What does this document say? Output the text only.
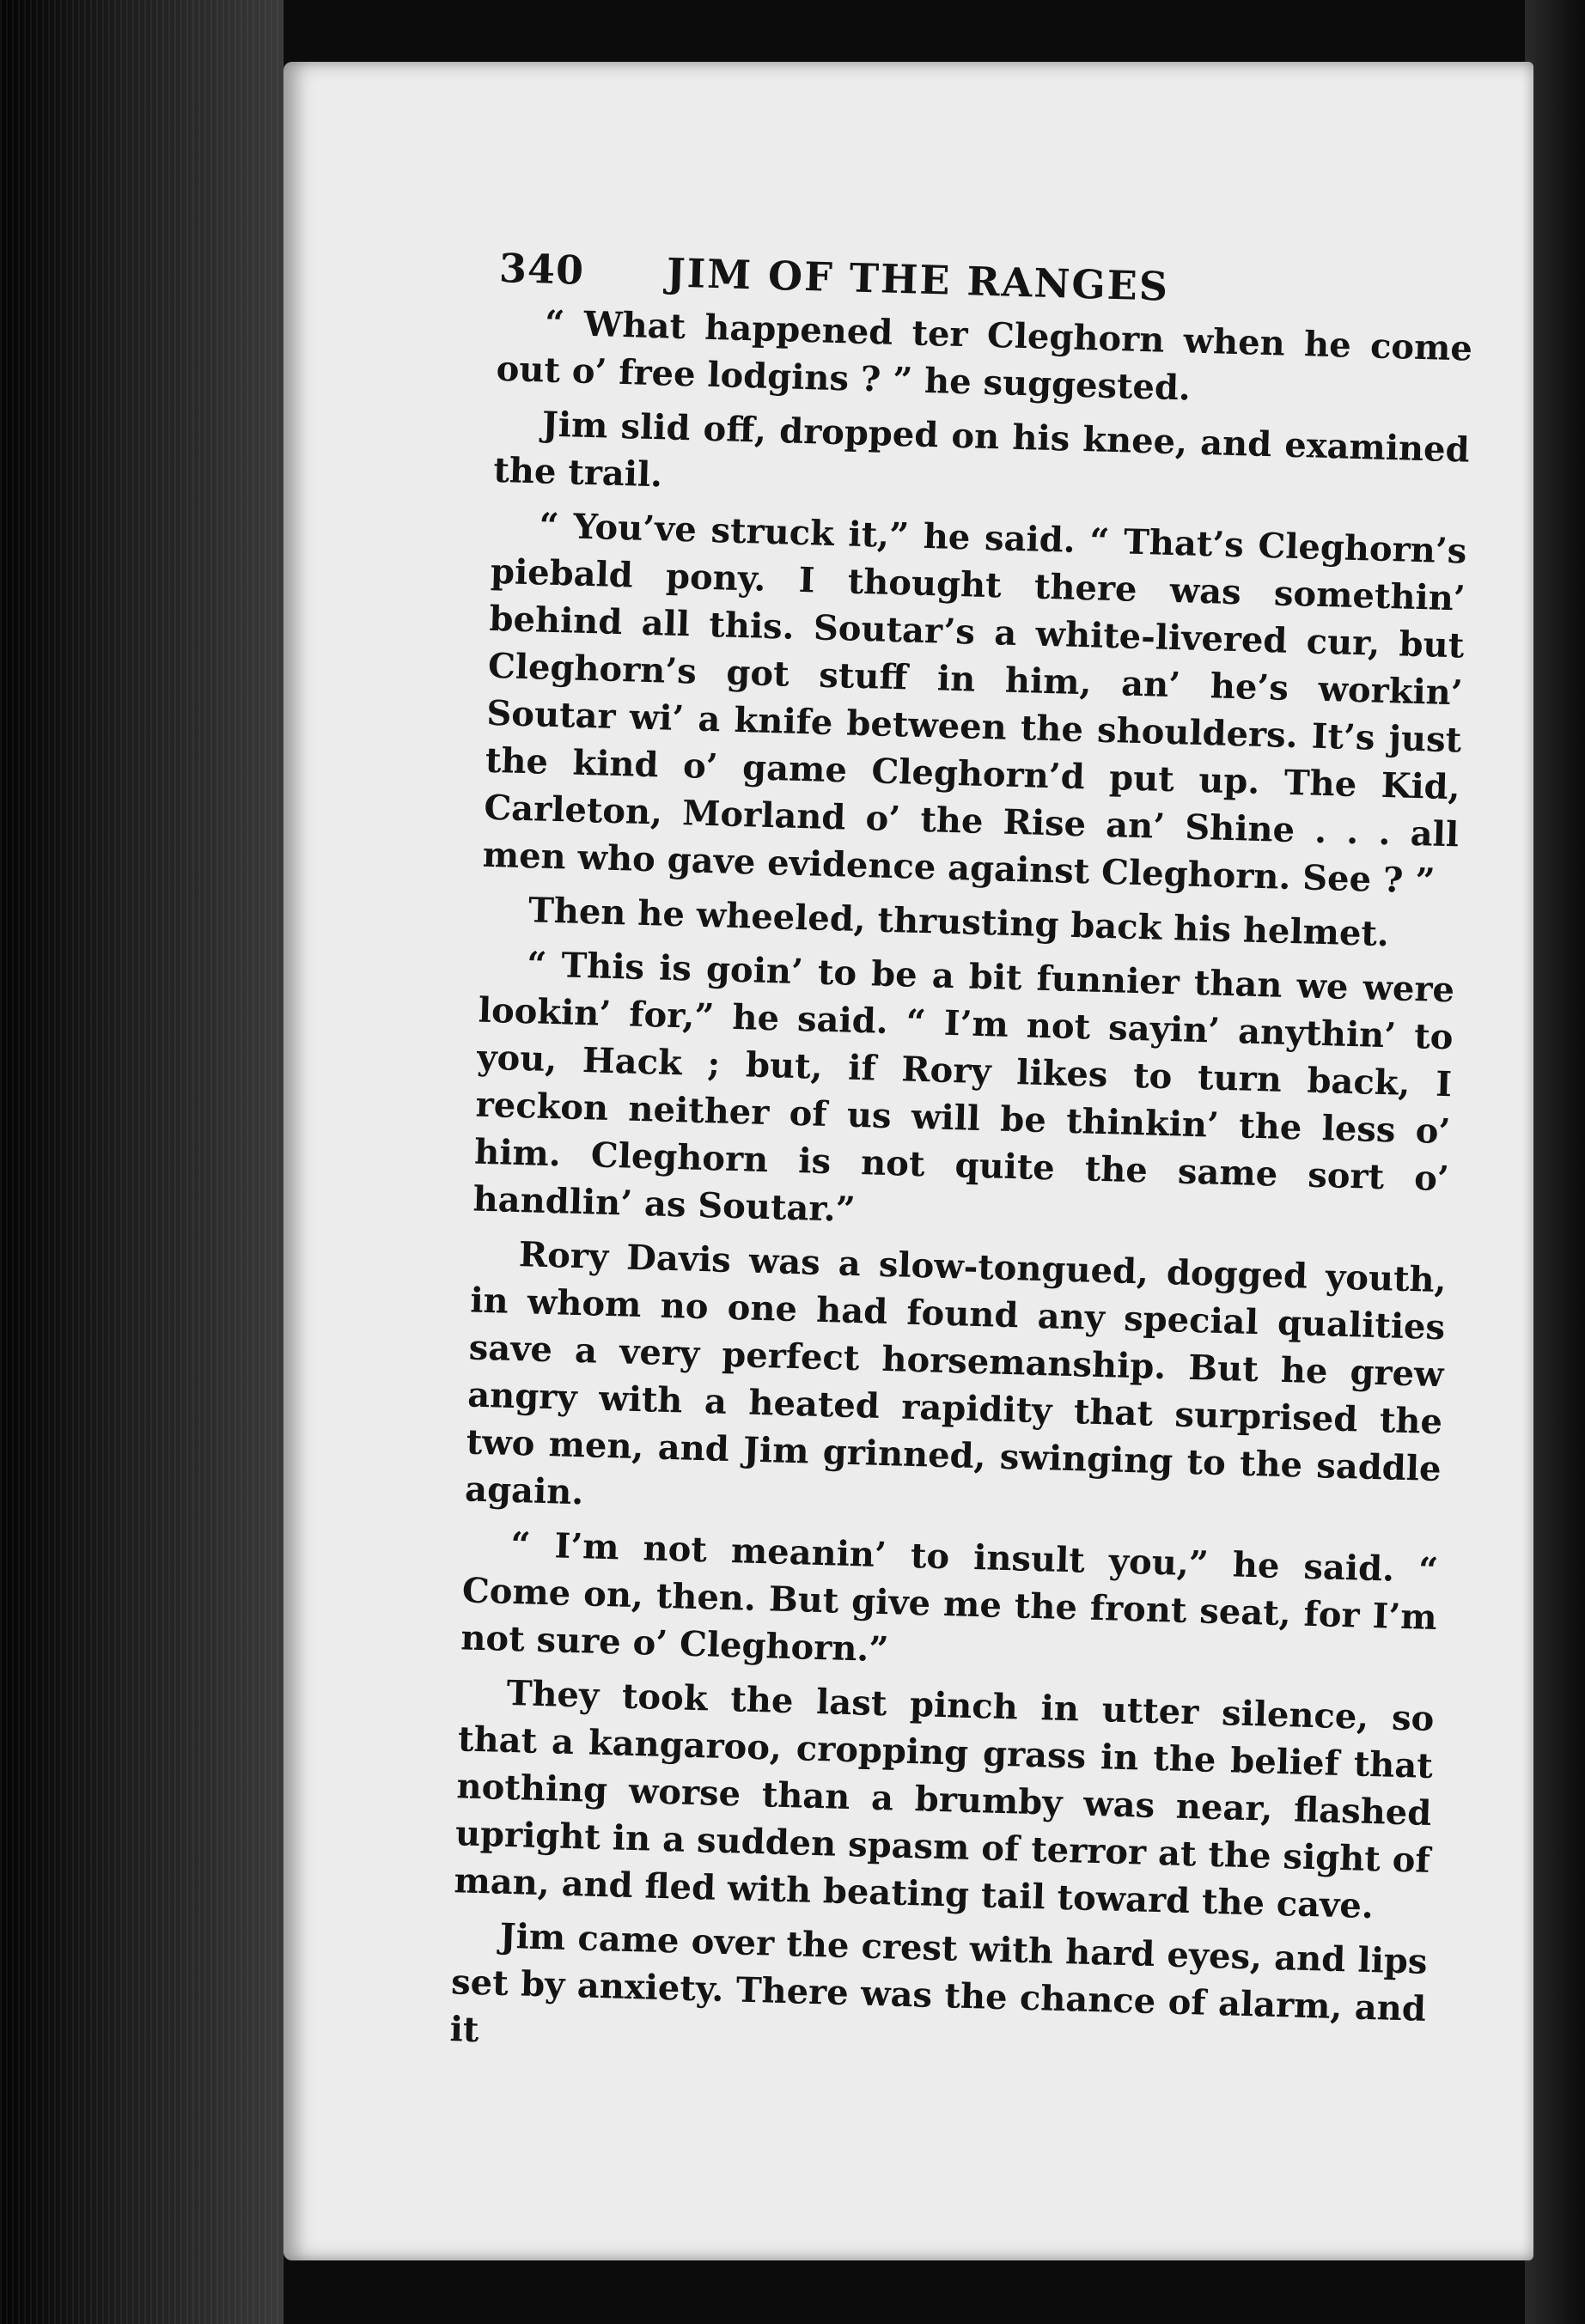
340 JIM OF THE RANGES

“ What happened ter Cleghorn when he come out o’ free lodgins ? ” he suggested.

Jim slid off, dropped on his knee, and examined the trail.

“ You’ve struck it,” he said. “ That’s Cleghorn’s piebald pony. I thought there was somethin’ behind all this. Soutar’s a white-livered cur, but Cleghorn’s got stuff in him, an’ he’s workin’ Soutar wi’ a knife between the shoulders. It’s just the kind o’ game Cleghorn’d put up. The Kid, Carleton, Morland o’ the Rise an’ Shine . . . all men who gave evidence against Cleghorn. See ? ”

Then he wheeled, thrusting back his helmet.

“ This is goin’ to be a bit funnier than we were lookin’ for,” he said. “ I’m not sayin’ anythin’ to you, Hack ; but, if Rory likes to turn back, I reckon neither of us will be thinkin’ the less o’ him. Cleghorn is not quite the same sort o’ handlin’ as Soutar.”

Rory Davis was a slow-tongued, dogged youth, in whom no one had found any special qualities save a very perfect horsemanship. But he grew angry with a heated rapidity that surprised the two men, and Jim grinned, swinging to the saddle again.

“ I’m not meanin’ to insult you,” he said. “ Come on, then. But give me the front seat, for I’m not sure o’ Cleghorn.”

They took the last pinch in utter silence, so that a kangaroo, cropping grass in the belief that nothing worse than a brumby was near, flashed upright in a sudden spasm of terror at the sight of man, and fled with beating tail toward the cave.

Jim came over the crest with hard eyes, and lips set by anxiety. There was the chance of alarm, and it
